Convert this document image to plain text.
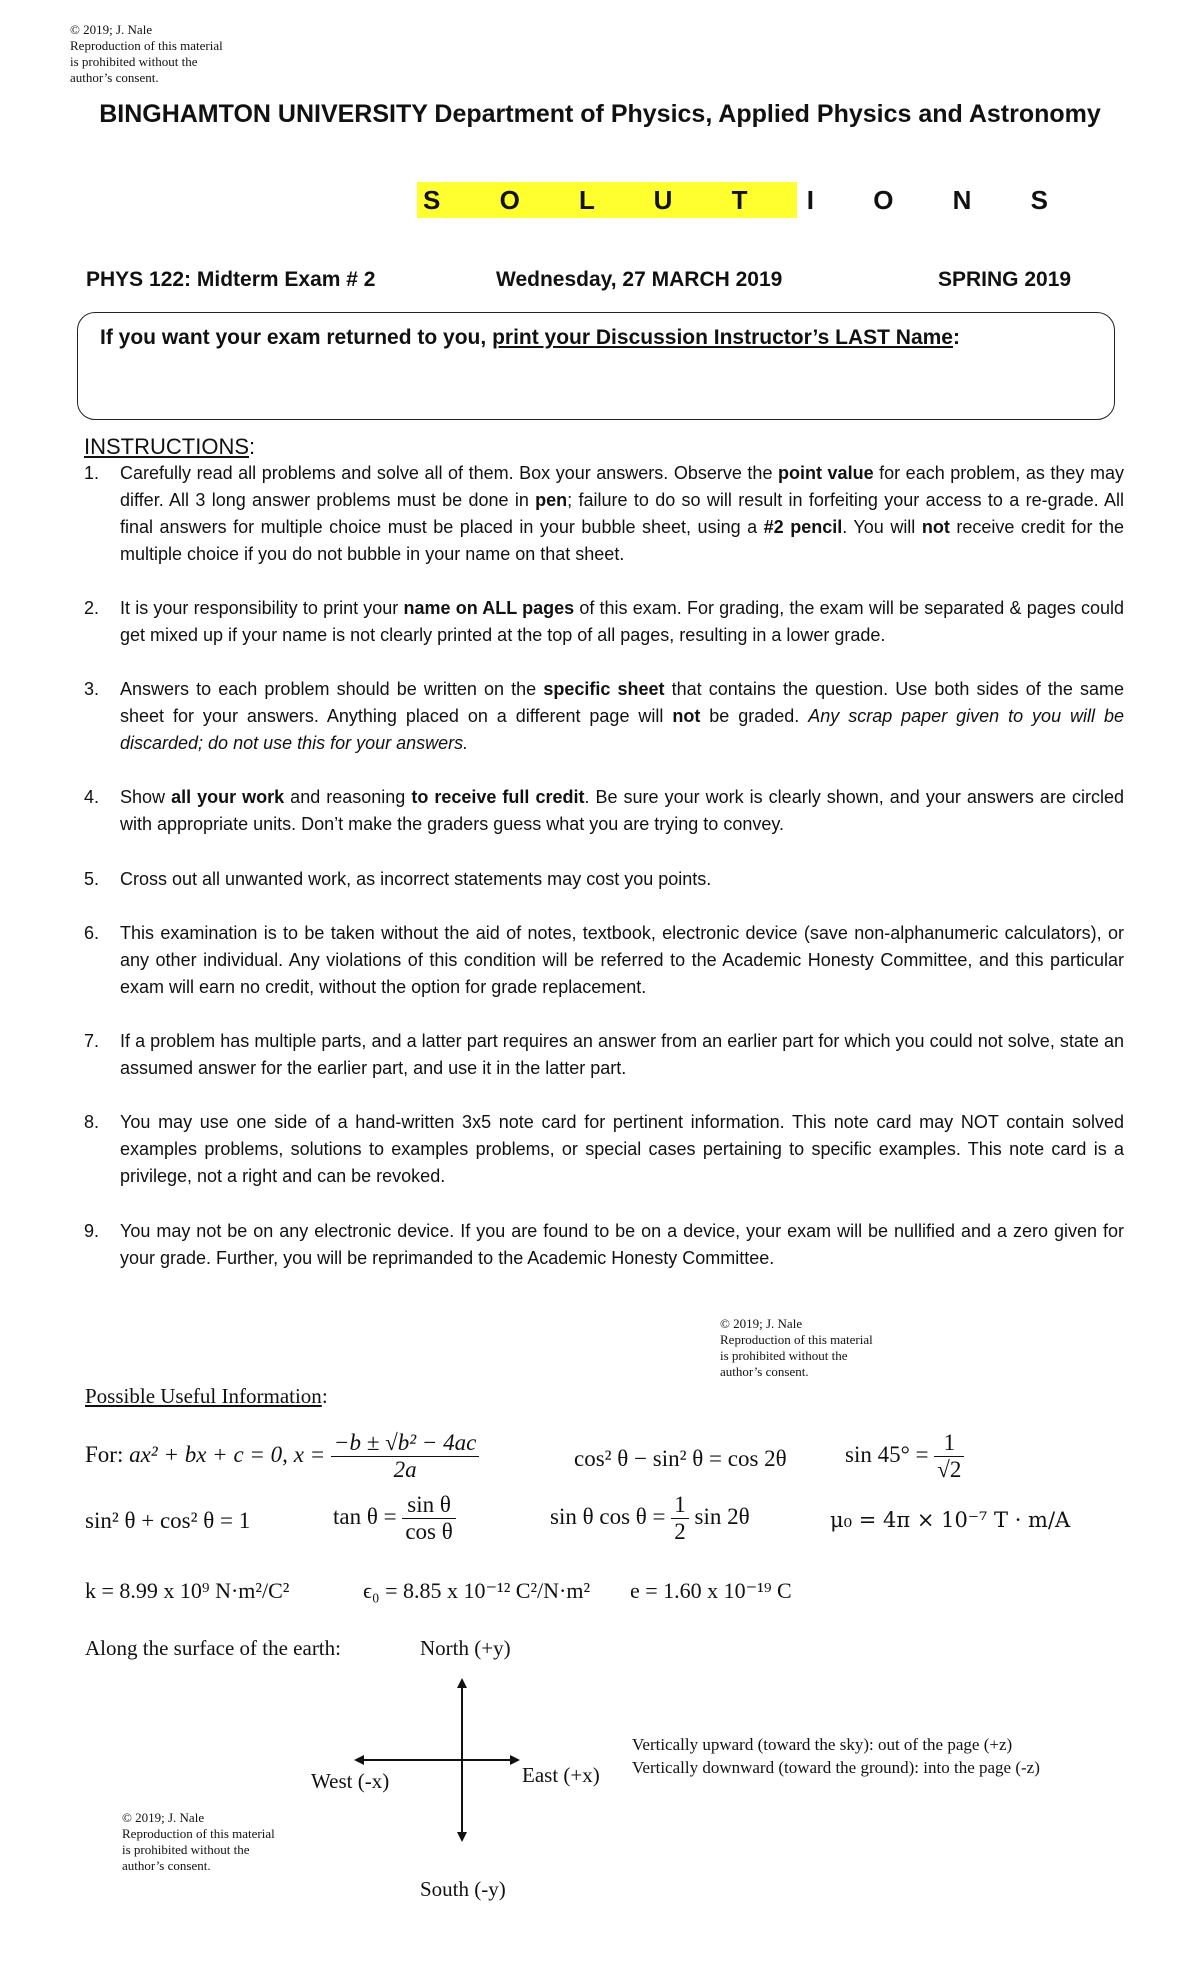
© 2019; J. Nale
Reproduction of this material
is prohibited without the
author’s consent.
BINGHAMTON UNIVERSITY Department of Physics, Applied Physics and Astronomy
S O L U T I O N S
PHYS 122: Midterm Exam # 2	Wednesday, 27 MARCH 2019	SPRING 2019
If you want your exam returned to you, print your Discussion Instructor’s LAST Name:
INSTRUCTIONS:
1. Carefully read all problems and solve all of them. Box your answers. Observe the point value for each problem, as they may differ. All 3 long answer problems must be done in pen; failure to do so will result in forfeiting your access to a re-grade. All final answers for multiple choice must be placed in your bubble sheet, using a #2 pencil. You will not receive credit for the multiple choice if you do not bubble in your name on that sheet.
2. It is your responsibility to print your name on ALL pages of this exam. For grading, the exam will be separated & pages could get mixed up if your name is not clearly printed at the top of all pages, resulting in a lower grade.
3. Answers to each problem should be written on the specific sheet that contains the question. Use both sides of the same sheet for your answers. Anything placed on a different page will not be graded. Any scrap paper given to you will be discarded; do not use this for your answers.
4. Show all your work and reasoning to receive full credit. Be sure your work is clearly shown, and your answers are circled with appropriate units. Don’t make the graders guess what you are trying to convey.
5. Cross out all unwanted work, as incorrect statements may cost you points.
6. This examination is to be taken without the aid of notes, textbook, electronic device (save non-alphanumeric calculators), or any other individual. Any violations of this condition will be referred to the Academic Honesty Committee, and this particular exam will earn no credit, without the option for grade replacement.
7. If a problem has multiple parts, and a latter part requires an answer from an earlier part for which you could not solve, state an assumed answer for the earlier part, and use it in the latter part.
8. You may use one side of a hand-written 3x5 note card for pertinent information. This note card may NOT contain solved examples problems, solutions to examples problems, or special cases pertaining to specific examples. This note card is a privilege, not a right and can be revoked.
9. You may not be on any electronic device. If you are found to be on a device, your exam will be nullified and a zero given for your grade. Further, you will be reprimanded to the Academic Honesty Committee.
© 2019; J. Nale
Reproduction of this material
is prohibited without the
author’s consent.
Possible Useful Information:
For: ax² + bx + c = 0, $x = \frac{\text{−b ± √b² − 4ac}}{2a}$	cos² θ − sin² θ = cos 2θ	$\sin 45^\circ = \frac{1}{√2}$
sin² θ + cos² θ = 1	$\tan \theta = \frac{\text{sin θ}}{\text{cos θ}}$	sin θ $\cos \theta = \frac{1}{2}$ sin 2θ	μ₀ = 4π × 10⁻⁷ T · m/A
k = 8.99 x 10⁹ N·m²/C²	ϵ₀ = 8.85 x 10⁻¹² C²/N·m² e = 1.60 x 10⁻¹⁹ C
Along the surface of the earth:	North (+y)
South (-y)
East (+x)
West (-x)
Vertically upward (toward the sky): out of the page (+z)
Vertically downward (toward the ground): into the page (-z)
© 2019; J. Nale
Reproduction of this material
is prohibited without the
author’s consent.
